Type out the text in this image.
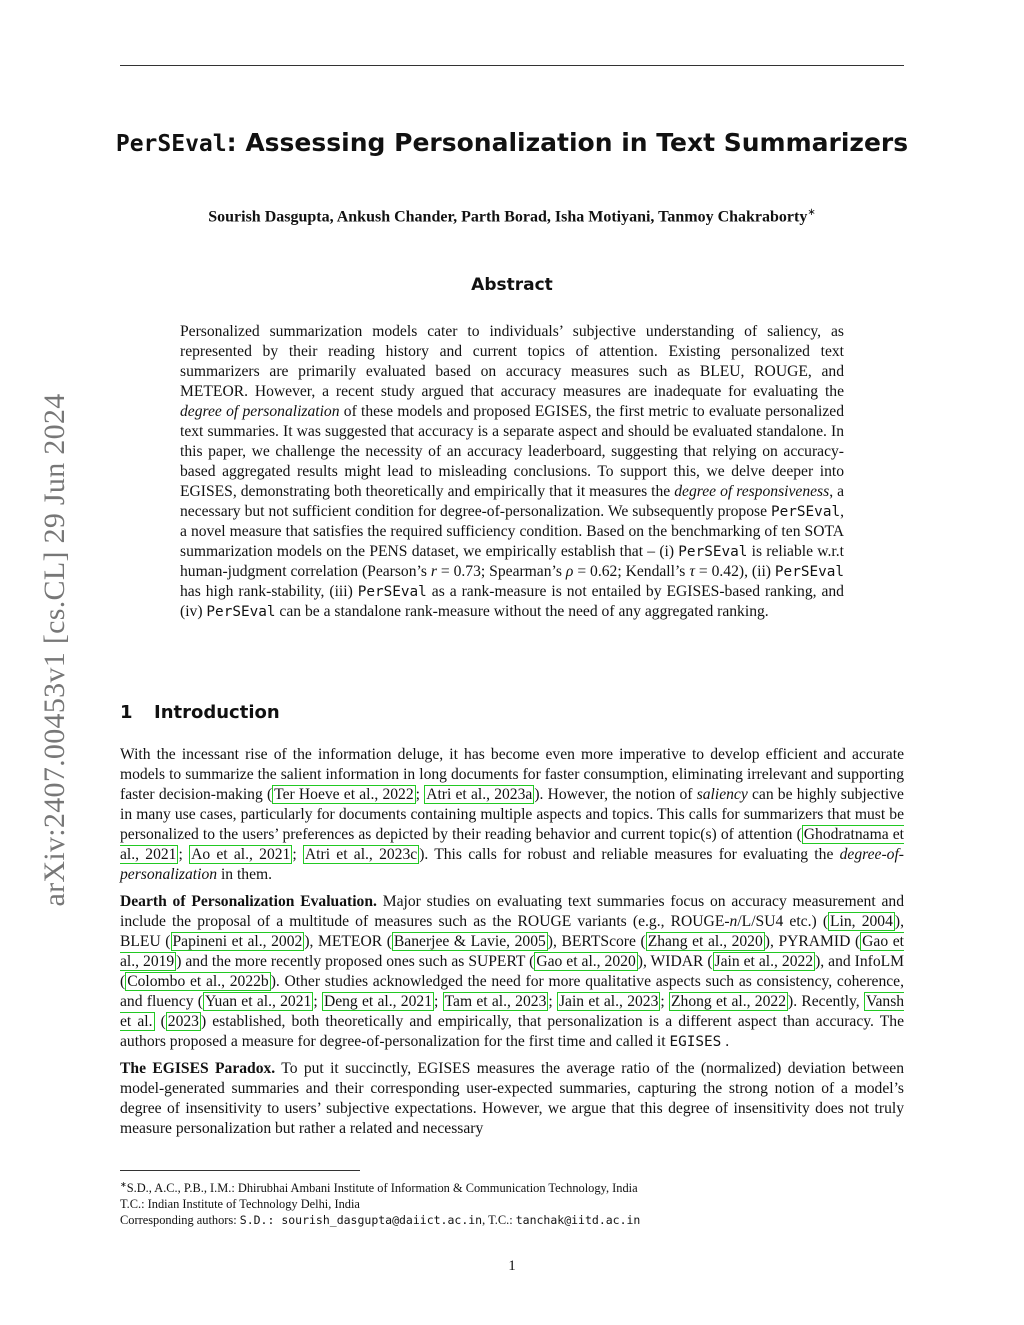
arXiv:2407.00453v1 [cs.CL] 29 Jun 2024
PerSEval: Assessing Personalization in Text Summarizers
Sourish Dasgupta, Ankush Chander, Parth Borad, Isha Motiyani, Tanmoy Chakraborty∗
Abstract
Personalized summarization models cater to individuals’ subjective understanding of saliency, as represented by their reading history and current topics of attention. Existing personalized text summarizers are primarily evaluated based on accuracy measures such as BLEU, ROUGE, and METEOR. However, a recent study argued that accuracy measures are inadequate for evaluating the degree of personalization of these models and proposed EGISES, the first metric to evaluate personalized text summaries. It was suggested that accuracy is a separate aspect and should be evaluated standalone. In this paper, we challenge the necessity of an accuracy leaderboard, suggesting that relying on accuracy-based aggregated results might lead to misleading conclusions. To support this, we delve deeper into EGISES, demonstrating both theoretically and empirically that it measures the degree of responsiveness, a necessary but not sufficient condition for degree-of-personalization. We subsequently propose PerSEval, a novel measure that satisfies the required sufficiency condition. Based on the benchmarking of ten SOTA summarization models on the PENS dataset, we empirically establish that – (i) PerSEval is reliable w.r.t human-judgment correlation (Pearson’s r = 0.73; Spearman’s ρ = 0.62; Kendall’s τ = 0.42), (ii) PerSEval has high rank-stability, (iii) PerSEval as a rank-measure is not entailed by EGISES-based ranking, and (iv) PerSEval can be a standalone rank-measure without the need of any aggregated ranking.
1 Introduction

With the incessant rise of the information deluge, it has become even more imperative to develop efficient and accurate models to summarize the salient information in long documents for faster consumption, eliminating irrelevant and supporting faster decision-making ( Ter Hoeve et al., 2022 ; Atri et al., 2023a ). However, the notion of saliency can be highly subjective in many use cases, particularly for documents containing multiple aspects and topics. This calls for summarizers that must be personalized to the users’ preferences as depicted by their reading behavior and current topic(s) of attention ( Ghodratnama et al., 2021 ; Ao et al., 2021 ; Atri et al., 2023c ). This calls for robust and reliable measures for evaluating the degree-of-personalization in them.

Dearth of Personalization Evaluation. Major studies on evaluating text summaries focus on accuracy measurement and include the proposal of a multitude of measures such as the ROUGE variants (e.g., ROUGE-n/L/SU4 etc.) ( Lin, 2004 ), BLEU ( Papineni et al., 2002 ), METEOR ( Banerjee & Lavie, 2005 ), BERTScore ( Zhang et al., 2020 ), PYRAMID ( Gao et al., 2019 ) and the more recently proposed ones such as SUPERT ( Gao et al., 2020 ), WIDAR ( Jain et al., 2022 ), and InfoLM ( Colombo et al., 2022b ). Other studies acknowledged the need for more qualitative aspects such as consistency, coherence, and fluency ( Yuan et al., 2021 ; Deng et al., 2021 ; Tam et al., 2023 ; Jain et al., 2023 ; Zhong et al., 2022 ). Recently, Vansh et al. ( 2023 ) established, both theoretically and empirically, that personalization is a different aspect than accuracy. The authors proposed a measure for degree-of-personalization for the first time and called it EGISES .

The EGISES Paradox. To put it succinctly, EGISES measures the average ratio of the (normalized) deviation between model-generated summaries and their corresponding user-expected summaries, capturing the strong notion of a model’s degree of insensitivity to users’ subjective expectations. However, we argue that this degree of insensitivity does not truly measure personalization but rather a related and necessary

∗S.D., A.C., P.B., I.M.: Dhirubhai Ambani Institute of Information & Communication Technology, India
T.C.: Indian Institute of Technology Delhi, India
Corresponding authors: S.D.: sourish_dasgupta@daiict.ac.in, T.C.: tanchak@iitd.ac.in
1
